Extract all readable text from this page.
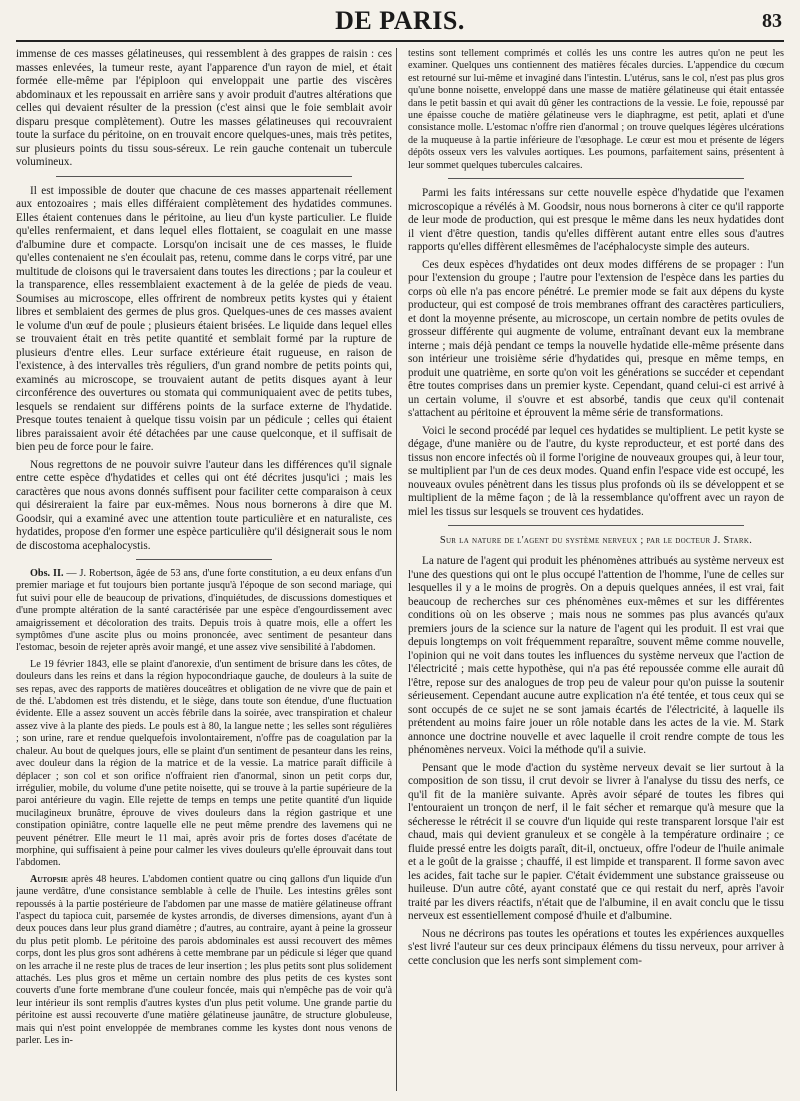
DE PARIS.	83

immense de ces masses gélatineuses, qui ressemblent à des grappes de raisin : ces masses enlevées, la tumeur reste, ayant l'apparence d'un rayon de miel, et était formée elle-même par l'épiploon qui enveloppait une partie des viscères abdominaux et les repoussait en arrière sans y avoir produit d'autres altérations que celles qui devaient résulter de la pression (c'est ainsi que le foie semblait avoir disparu presque complètement). Outre les masses gélatineuses qui recouvraient toute la surface du péritoine, on en trouvait encore quelques-unes, mais très petites, sur plusieurs points du tissu sous-séreux. Le rein gauche contenait un tubercule volumineux.

Il est impossible de douter que chacune de ces masses appartenait réellement aux entozoaires ; mais elles différaient complètement des hydatides communes. Elles étaient contenues dans le péritoine, au lieu d'un kyste particulier. Le fluide qu'elles renfermaient, et dans lequel elles flottaient, se coagulait en une masse d'albumine dure et compacte. Lorsqu'on incisait une de ces masses, le fluide qu'elles contenaient ne s'en écoulait pas, retenu, comme dans le corps vitré, par une multitude de cloisons qui le traversaient dans toutes les directions ; par la couleur et la transparence, elles ressemblaient exactement à de la gelée de pieds de veau. Soumises au microscope, elles offrirent de nombreux petits kystes qui y étaient libres et semblaient des germes de plus gros. Quelques-unes de ces masses avaient le volume d'un œuf de poule ; plusieurs étaient brisées. Le liquide dans lequel elles se trouvaient était en très petite quantité et semblait formé par la rupture de plusieurs d'entre elles. Leur surface extérieure était rugueuse, en raison de l'existence, à des intervalles très réguliers, d'un grand nombre de petits points qui, examinés au microscope, se trouvaient autant de petits disques ayant à leur circonférence des ouvertures ou stomata qui communiquaient avec de petits tubes, lesquels se rendaient sur différens points de la surface externe de l'hydatide. Presque toutes tenaient à quelque tissu voisin par un pédicule ; celles qui étaient libres paraissaient avoir été détachées par une cause quelconque, et il suffisait de bien peu de force pour le faire.

Nous regrettons de ne pouvoir suivre l'auteur dans les différences qu'il signale entre cette espèce d'hydatides et celles qui ont été décrites jusqu'ici ; mais les caractères que nous avons donnés suffisent pour faciliter cette comparaison à ceux qui désireraient la faire par eux-mêmes. Nous nous bornerons à dire que M. Goodsir, qui a examiné avec une attention toute particulière et en naturaliste, ces hydatides, propose d'en former une espèce particulière qu'il désignerait sous le nom de discostoma acephalocystis.

Obs. II. — J. Robertson, âgée de 53 ans, d'une forte constitution, a eu deux enfans d'un premier mariage et fut toujours bien portante jusqu'à l'époque de son second mariage, qui fut suivi pour elle de beaucoup de privations, d'inquiétudes, de discussions domestiques et d'une prompte altération de la santé caractérisée par une espèce d'engourdissement avec amaigrissement et décoloration des traits. Depuis trois à quatre mois, elle a offert les symptômes d'une ascite plus ou moins prononcée, avec sentiment de pesanteur dans l'estomac, besoin de rejeter après avoir mangé, et une assez vive sensibilité à l'abdomen.

Le 19 février 1843, elle se plaint d'anorexie, d'un sentiment de brisure dans les côtes, de douleurs dans les reins et dans la région hypocondriaque gauche, de douleurs à la suite de ses repas, avec des rapports de matières douceâtres et obligation de ne vivre que de pain et de thé. L'abdomen est très distendu, et le siège, dans toute son étendue, d'une fluctuation évidente. Elle a assez souvent un accès fébrile dans la soirée, avec transpiration et chaleur assez vive à la plante des pieds. Le pouls est à 80, la langue nette ; les selles sont régulières ; son urine, rare et rendue quelquefois involontairement, n'offre pas de coagulation par la chaleur. Au bout de quelques jours, elle se plaint d'un sentiment de pesanteur dans les reins, avec douleur dans la région de la matrice et de la vessie. La matrice paraît difficile à déplacer ; son col et son orifice n'offraient rien d'anormal, sinon un petit corps dur, irrégulier, mobile, du volume d'une petite noisette, qui se trouve à la partie supérieure de la paroi antérieure du vagin. Elle rejette de temps en temps une petite quantité d'un liquide mucilagineux brunâtre, éprouve de vives douleurs dans la région gastrique et une constipation opiniâtre, contre laquelle elle ne peut même prendre des lavemens qui ne peuvent pénétrer. Elle meurt le 11 mai, après avoir pris de fortes doses d'acétate de morphine, qui suffisaient à peine pour calmer les vives douleurs qu'elle éprouvait dans tout l'abdomen.

Autopsie après 48 heures. L'abdomen contient quatre ou cinq gallons d'un liquide d'un jaune verdâtre, d'une consistance semblable à celle de l'huile. Les intestins grêles sont repoussés à la partie postérieure de l'abdomen par une masse de matière gélatineuse offrant l'aspect du tapioca cuit, parsemée de kystes arrondis, de diverses dimensions, ayant d'un à deux pouces dans leur plus grand diamètre ; d'autres, au contraire, ayant à peine la grosseur du plus petit plomb. Le péritoine des parois abdominales est aussi recouvert des mêmes corps, dont les plus gros sont adhérens à cette membrane par un pédicule si léger que quand on les arrache il ne reste plus de traces de leur insertion ; les plus petits sont plus solidement attachés. Les plus gros et même un certain nombre des plus petits de ces kystes sont couverts d'une forte membrane d'une couleur foncée, mais qui n'empêche pas de voir qu'à leur intérieur ils sont remplis d'autres kystes d'un plus petit volume. Une grande partie du péritoine est aussi recouverte d'une matière gélatineuse jaunâtre, de structure globuleuse, mais qui n'est point enveloppée de membranes comme les kystes dont nous venons de parler. Les in-

testins sont tellement comprimés et collés les uns contre les autres qu'on ne peut les examiner. Quelques uns contiennent des matières fécales durcies. L'appendice du cœcum est retourné sur lui-même et invaginé dans l'intestin. L'utérus, sans le col, n'est pas plus gros qu'une bonne noisette, enveloppé dans une masse de matière gélatineuse qui était entassée dans le petit bassin et qui avait dû gêner les contractions de la vessie. Le foie, repoussé par une épaisse couche de matière gélatineuse vers le diaphragme, est petit, aplati et d'une consistance molle. L'estomac n'offre rien d'anormal ; on trouve quelques légères ulcérations de la muqueuse à la partie inférieure de l'œsophage. Le cœur est mou et présente de légers dépôts osseux vers les valvules aortiques. Les poumons, parfaitement sains, présentent à leur sommet quelques tubercules calcaires.

Parmi les faits intéressans sur cette nouvelle espèce d'hydatide que l'examen microscopique a révélés à M. Goodsir, nous nous bornerons à citer ce qu'il rapporte de leur mode de production, qui est presque le même dans les neux hydatides dont il vient d'être question, tandis qu'elles diffèrent autant entre elles sous d'autres rapports qu'elles diffèrent ellesmêmes de l'acéphalocyste simple des auteurs.

Ces deux espèces d'hydatides ont deux modes différens de se propager : l'un pour l'extension du groupe ; l'autre pour l'extension de l'espèce dans les parties du corps où elle n'a pas encore pénétré. Le premier mode se fait aux dépens du kyste producteur, qui est composé de trois membranes offrant des caractères particuliers, et dont la moyenne présente, au microscope, un certain nombre de petits ovules de grosseur différente qui augmente de volume, entraînant devant eux la membrane interne ; mais déjà pendant ce temps la nouvelle hydatide elle-même présente dans son intérieur une troisième série d'hydatides qui, presque en même temps, en produit une quatrième, en sorte qu'on voit les générations se succéder et cependant être toutes comprises dans un premier kyste. Cependant, quand celui-ci est arrivé à un certain volume, il s'ouvre et est absorbé, tandis que ceux qu'il contenait s'attachent au péritoine et éprouvent la même série de transformations.

Voici le second procédé par lequel ces hydatides se multiplient. Le petit kyste se dégage, d'une manière ou de l'autre, du kyste reproducteur, et est porté dans des tissus non encore infectés où il forme l'origine de nouveaux groupes qui, à leur tour, se multiplient par l'un de ces deux modes. Quand enfin l'espace vide est occupé, les nouveaux ovules pénètrent dans les tissus plus profonds où ils se développent et se multiplient de la même façon ; de là la ressemblance qu'offrent avec un rayon de miel les tissus sur lesquels se trouvent ces hydatides.

Sur la nature de l'agent du système nerveux ; par le docteur J. Stark.

La nature de l'agent qui produit les phénomènes attribués au système nerveux est l'une des questions qui ont le plus occupé l'attention de l'homme, l'une de celles sur lesquelles il y a le moins de progrès. On a depuis quelques années, il est vrai, fait beaucoup de recherches sur ces phénomènes eux-mêmes et sur les différentes conditions où on les observe ; mais nous ne sommes pas plus avancés qu'aux premiers jours de la science sur la nature de l'agent qui les produit. Il est vrai que depuis longtemps on voit fréquemment reparaître, souvent même comme nouvelle, l'opinion qui ne voit dans toutes les influences du système nerveux que l'action de l'électricité ; mais cette hypothèse, qui n'a pas été repoussée comme elle aurait dû l'être, repose sur des analogues de trop peu de valeur pour qu'on puisse la soutenir sérieusement. Cependant aucune autre explication n'a été tentée, et tous ceux qui se sont occupés de ce sujet ne se sont jamais écartés de l'électricité, à laquelle ils prétendent au moins faire jouer un rôle notable dans les actes de la vie. M. Stark annonce une doctrine nouvelle et avec laquelle il croit rendre compte de tous les phénomènes nerveux. Voici la méthode qu'il a suivie.

Pensant que le mode d'action du système nerveux devait se lier surtout à la composition de son tissu, il crut devoir se livrer à l'analyse du tissu des nerfs, ce qu'il fit de la manière suivante. Après avoir séparé de toutes les fibres qui l'entouraient un tronçon de nerf, il le fait sécher et remarque qu'à mesure que la sécheresse le rétrécit il se couvre d'un liquide qui reste transparent lorsque l'air est chaud, mais qui devient granuleux et se congèle à la température ordinaire ; ce fluide pressé entre les doigts paraît, dit-il, onctueux, offre l'odeur de l'huile animale et a le goût de la graisse ; chauffé, il est limpide et transparent. Il forme savon avec les acides, fait tache sur le papier. C'était évidemment une substance graisseuse ou huileuse. D'un autre côté, ayant constaté que ce qui restait du nerf, après l'avoir traité par les divers réactifs, n'était que de l'albumine, il en avait conclu que le tissu nerveux est essentiellement composé d'huile et d'albumine.

Nous ne décrirons pas toutes les opérations et toutes les expériences auxquelles s'est livré l'auteur sur ces deux principaux élémens du tissu nerveux, pour arriver à cette conclusion que les nerfs sont simplement com-
